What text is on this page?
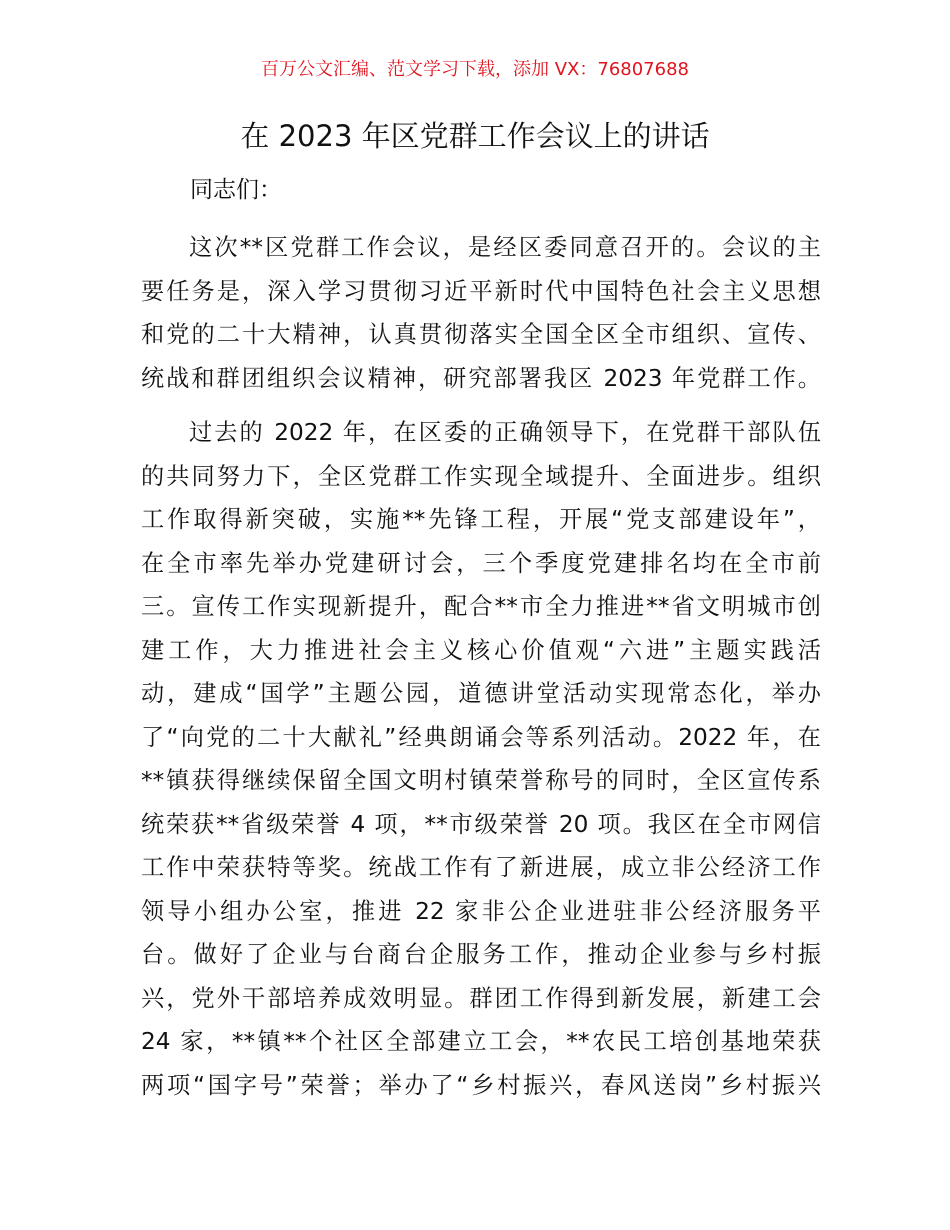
百万公文汇编、范文学习下载，添加 VX：76807688
在 2023 年区党群工作会议上的讲话
同志们：
这次**区党群工作会议，是经区委同意召开的。会议的主
要任务是，深入学习贯彻习近平新时代中国特色社会主义思想
和党的二十大精神，认真贯彻落实全国全区全市组织、宣传、
统战和群团组织会议精神，研究部署我区 2023 年党群工作。
过去的 2022 年，在区委的正确领导下，在党群干部队伍
的共同努力下，全区党群工作实现全域提升、全面进步。组织
工作取得新突破，实施**先锋工程，开展“党支部建设年”，
在全市率先举办党建研讨会，三个季度党建排名均在全市前
三。宣传工作实现新提升，配合**市全力推进**省文明城市创
建工作，大力推进社会主义核心价值观“六进”主题实践活
动，建成“国学”主题公园，道德讲堂活动实现常态化，举办
了“向党的二十大献礼”经典朗诵会等系列活动。2022 年，在
**镇获得继续保留全国文明村镇荣誉称号的同时，全区宣传系
统荣获**省级荣誉 4 项，**市级荣誉 20 项。我区在全市网信
工作中荣获特等奖。统战工作有了新进展，成立非公经济工作
领导小组办公室，推进 22 家非公企业进驻非公经济服务平
台。做好了企业与台商台企服务工作，推动企业参与乡村振
兴，党外干部培养成效明显。群团工作得到新发展，新建工会
24 家，**镇**个社区全部建立工会，**农民工培创基地荣获
两项“国字号”荣誉；举办了“乡村振兴，春风送岗”乡村振兴
